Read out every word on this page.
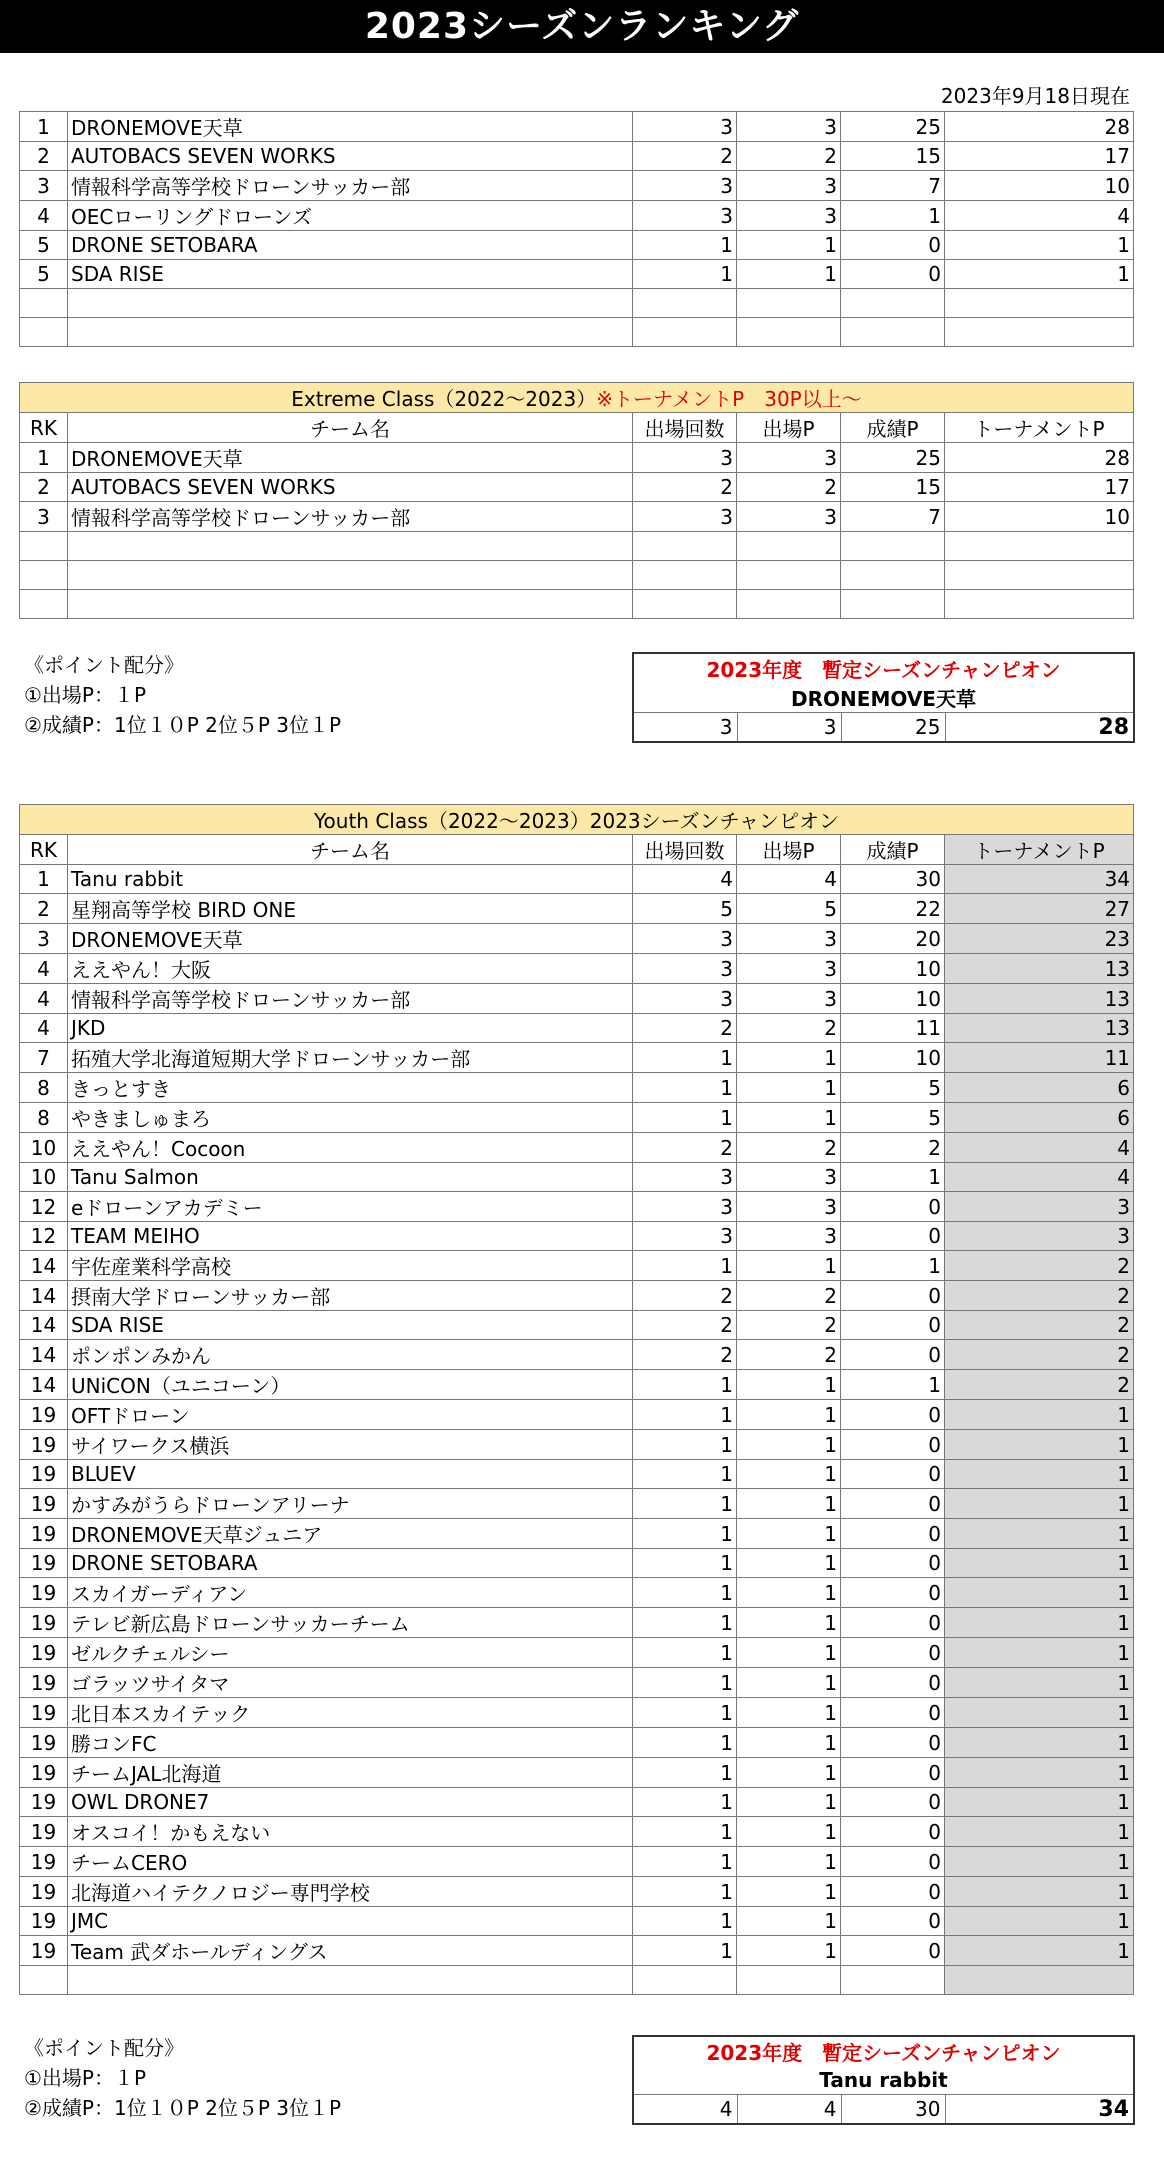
2023シーズンランキング
2023年9月18日現在
1	DRONEMOVE天草	3	3	25	28
2	AUTOBACS SEVEN WORKS	2	2	15	17
3	情報科学高等学校ドローンサッカー部	3	3	7	10
4	OECローリングドローンズ	3	3	1	4
5	DRONE SETOBARA	1	1	0	1
5	SDA RISE	1	1	0	1

Extreme Class（2022～2023）※トーナメントP　30P以上～					
RK	チーム名	出場回数	出場P	成績P	トーナメントP
1	DRONEMOVE天草	3	3	25	28
2	AUTOBACS SEVEN WORKS	2	2	15	17
3	情報科学高等学校ドローンサッカー部	3	3	7	10

《ポイント配分》
①出場P：１P
②成績P：1位１０P 2位５P 3位１P
2023年度　暫定シーズンチャンピオン
DRONEMOVE天草
3	3	25	28
Youth Class（2022～2023）2023シーズンチャンピオン					
RK	チーム名	出場回数	出場P	成績P	トーナメントP
1	Tanu rabbit	4	4	30	34
2	星翔高等学校 BIRD ONE	5	5	22	27
3	DRONEMOVE天草	3	3	20	23
4	ええやん！大阪	3	3	10	13
4	情報科学高等学校ドローンサッカー部	3	3	10	13
4	JKD	2	2	11	13
7	拓殖大学北海道短期大学ドローンサッカー部	1	1	10	11
8	きっとすき	1	1	5	6
8	やきましゅまろ	1	1	5	6
10	ええやん！Cocoon	2	2	2	4
10	Tanu Salmon	3	3	1	4
12	eドローンアカデミー	3	3	0	3
12	TEAM MEIHO	3	3	0	3
14	宇佐産業科学高校	1	1	1	2
14	摂南大学ドローンサッカー部	2	2	0	2
14	SDA RISE	2	2	0	2
14	ポンポンみかん	2	2	0	2
14	UNiCON（ユニコーン）	1	1	1	2
19	OFTドローン	1	1	0	1
19	サイワークス横浜	1	1	0	1
19	BLUEV	1	1	0	1
19	かすみがうらドローンアリーナ	1	1	0	1
19	DRONEMOVE天草ジュニア	1	1	0	1
19	DRONE SETOBARA	1	1	0	1
19	スカイガーディアン	1	1	0	1
19	テレビ新広島ドローンサッカーチーム	1	1	0	1
19	ゼルクチェルシー	1	1	0	1
19	ゴラッツサイタマ	1	1	0	1
19	北日本スカイテック	1	1	0	1
19	勝コンFC	1	1	0	1
19	チームJAL北海道	1	1	0	1
19	OWL DRONE7	1	1	0	1
19	オスコイ！かもえない	1	1	0	1
19	チームCERO	1	1	0	1
19	北海道ハイテクノロジー専門学校	1	1	0	1
19	JMC	1	1	0	1
19	Team 武ダホールディングス	1	1	0	1

《ポイント配分》
①出場P：１P
②成績P：1位１０P 2位５P 3位１P
2023年度　暫定シーズンチャンピオン
Tanu rabbit
4	4	30	34
